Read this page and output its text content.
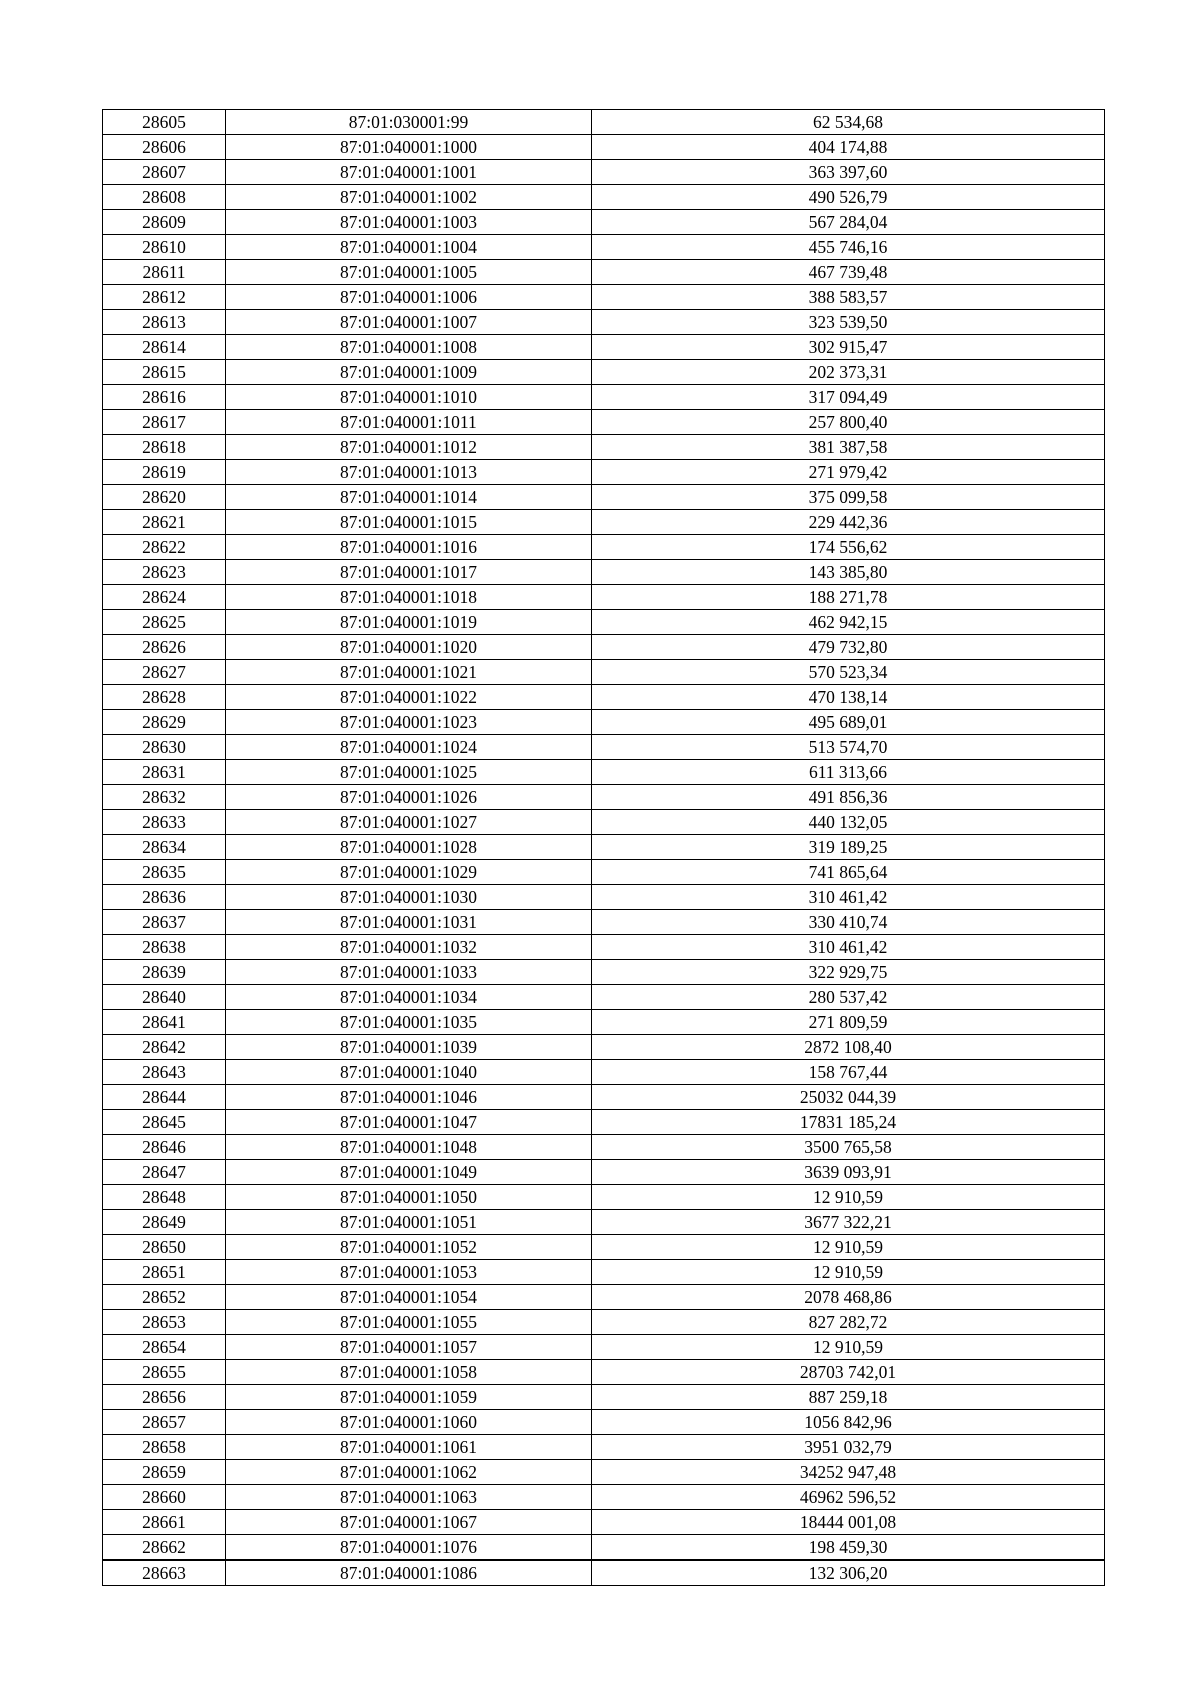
28605	87:01:030001:99	62 534,68
28606	87:01:040001:1000	404 174,88
28607	87:01:040001:1001	363 397,60
28608	87:01:040001:1002	490 526,79
28609	87:01:040001:1003	567 284,04
28610	87:01:040001:1004	455 746,16
28611	87:01:040001:1005	467 739,48
28612	87:01:040001:1006	388 583,57
28613	87:01:040001:1007	323 539,50
28614	87:01:040001:1008	302 915,47
28615	87:01:040001:1009	202 373,31
28616	87:01:040001:1010	317 094,49
28617	87:01:040001:1011	257 800,40
28618	87:01:040001:1012	381 387,58
28619	87:01:040001:1013	271 979,42
28620	87:01:040001:1014	375 099,58
28621	87:01:040001:1015	229 442,36
28622	87:01:040001:1016	174 556,62
28623	87:01:040001:1017	143 385,80
28624	87:01:040001:1018	188 271,78
28625	87:01:040001:1019	462 942,15
28626	87:01:040001:1020	479 732,80
28627	87:01:040001:1021	570 523,34
28628	87:01:040001:1022	470 138,14
28629	87:01:040001:1023	495 689,01
28630	87:01:040001:1024	513 574,70
28631	87:01:040001:1025	611 313,66
28632	87:01:040001:1026	491 856,36
28633	87:01:040001:1027	440 132,05
28634	87:01:040001:1028	319 189,25
28635	87:01:040001:1029	741 865,64
28636	87:01:040001:1030	310 461,42
28637	87:01:040001:1031	330 410,74
28638	87:01:040001:1032	310 461,42
28639	87:01:040001:1033	322 929,75
28640	87:01:040001:1034	280 537,42
28641	87:01:040001:1035	271 809,59
28642	87:01:040001:1039	2872 108,40
28643	87:01:040001:1040	158 767,44
28644	87:01:040001:1046	25032 044,39
28645	87:01:040001:1047	17831 185,24
28646	87:01:040001:1048	3500 765,58
28647	87:01:040001:1049	3639 093,91
28648	87:01:040001:1050	12 910,59
28649	87:01:040001:1051	3677 322,21
28650	87:01:040001:1052	12 910,59
28651	87:01:040001:1053	12 910,59
28652	87:01:040001:1054	2078 468,86
28653	87:01:040001:1055	827 282,72
28654	87:01:040001:1057	12 910,59
28655	87:01:040001:1058	28703 742,01
28656	87:01:040001:1059	887 259,18
28657	87:01:040001:1060	1056 842,96
28658	87:01:040001:1061	3951 032,79
28659	87:01:040001:1062	34252 947,48
28660	87:01:040001:1063	46962 596,52
28661	87:01:040001:1067	18444 001,08
28662	87:01:040001:1076	198 459,30
28663	87:01:040001:1086	132 306,20
